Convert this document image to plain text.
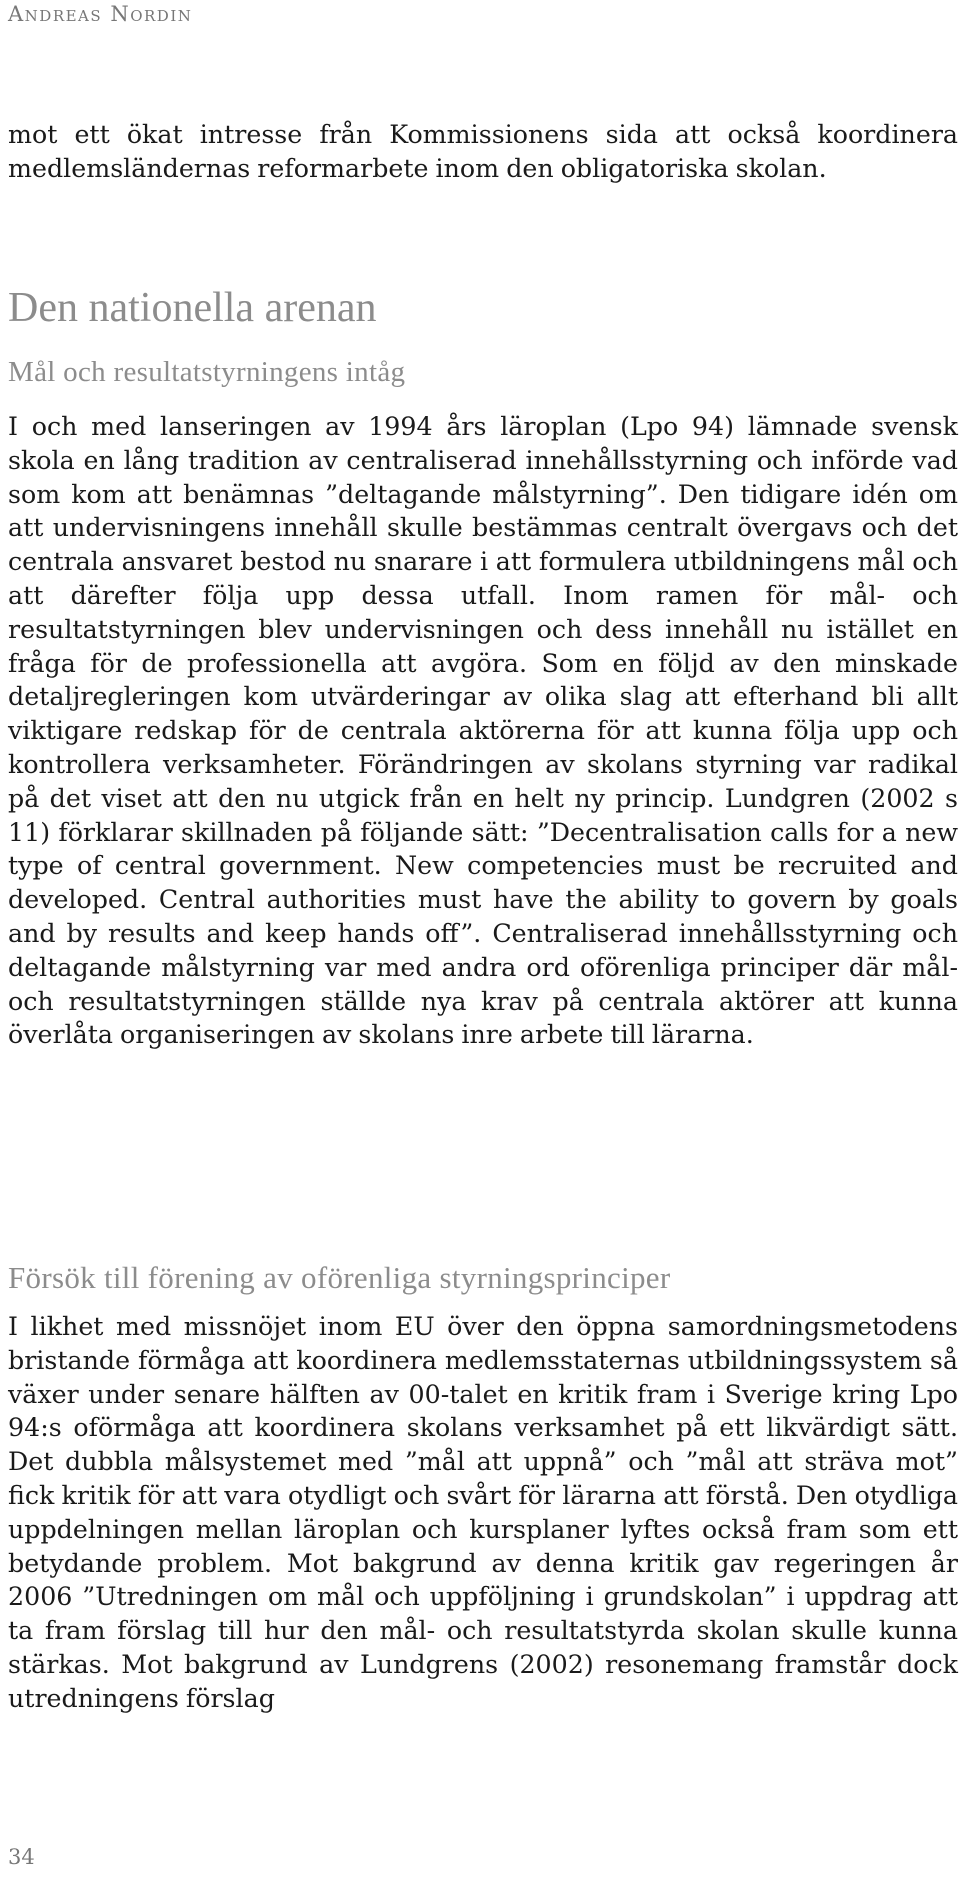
Andreas Nordin

mot ett ökat intresse från Kommissionens sida att också koordinera medlemsländernas reformarbete inom den obligatoriska skolan.

Den nationella arenan
Mål och resultatstyrningens intåg

I och med lanseringen av 1994 års läroplan (Lpo 94) lämnade svensk skola en lång tradition av centraliserad innehållsstyrning och införde vad som kom att benämnas ”deltagande målstyrning”. Den tidigare idén om att undervisningens innehåll skulle bestämmas centralt övergavs och det centrala ansvaret bestod nu snarare i att formulera utbildningens mål och att därefter följa upp dessa utfall. Inom ramen för mål- och resultatstyrningen blev undervisningen och dess innehåll nu istället en fråga för de professionella att avgöra. Som en följd av den minskade detaljregleringen kom utvärderingar av olika slag att efterhand bli allt viktigare redskap för de centrala aktörerna för att kunna följa upp och kontrollera verksamheter. Förändringen av skolans styrning var radikal på det viset att den nu utgick från en helt ny princip. Lundgren (2002 s 11) förklarar skillnaden på följande sätt: ”Decentralisation calls for a new type of central government. New competencies must be recruited and developed. Central authorities must have the ability to govern by goals and by results and keep hands off”. Centraliserad innehållsstyrning och deltagande målstyrning var med andra ord oförenliga principer där mål- och resultatstyrningen ställde nya krav på centrala aktörer att kunna överlåta organiseringen av skolans inre arbete till lärarna.

Försök till förening av oförenliga styrningsprinciper

I likhet med missnöjet inom EU över den öppna samordningsmetodens bristande förmåga att koordinera medlemsstaternas utbildningssystem så växer under senare hälften av 00-talet en kritik fram i Sverige kring Lpo 94:s oförmåga att koordinera skolans verksamhet på ett likvärdigt sätt. Det dubbla målsystemet med ”mål att uppnå” och ”mål att sträva mot” fick kritik för att vara otydligt och svårt för lärarna att förstå. Den otydliga uppdelningen mellan läroplan och kursplaner lyftes också fram som ett betydande problem. Mot bakgrund av denna kritik gav regeringen år 2006 ”Utredningen om mål och uppföljning i grundskolan” i uppdrag att ta fram förslag till hur den mål- och resultatstyrda skolan skulle kunna stärkas. Mot bakgrund av Lundgrens (2002) resonemang framstår dock utredningens förslag

34
